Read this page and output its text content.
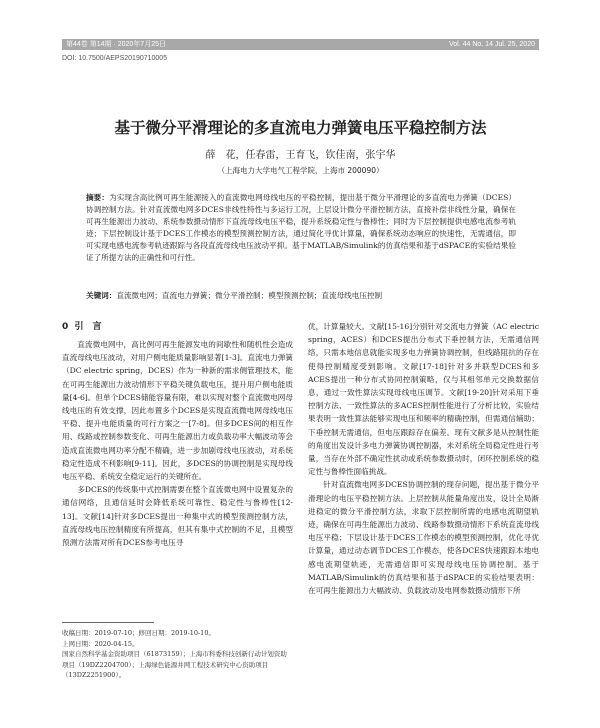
第44卷 第14期 · 2020年7月25日	Vol. 44 No. 14 Jul. 25, 2020
DOI: 10.7500/AEPS20190710005
基于微分平滑理论的多直流电力弹簧电压平稳控制方法
薛　花，任春雷，王育飞，钦佳南，张宇华
（上海电力大学电气工程学院，上海市 200090）
摘要：为实现含高比例可再生能源接入的直流微电网母线电压的平稳控制，提出基于微分平滑理论的多直流电力弹簧（DCES）协调控制方法。针对直流微电网多DCES非线性特性与多运行工况，上层设计微分平滑控制方法，直接补偿非线性分量，确保在可再生能源出力波动、系统参数摄动情形下直流母线电压平稳，提升系统稳定性与鲁棒性；同时为下层控制提供电感电流参考轨迹；下层控制设计基于DCES工作模态的模型预测控制方法，通过简化寻优计算量，确保系统动态响应的快速性，无需通信，即可实现电感电流参考轨迹跟踪与各段直流母线电压波动平抑。基于MATLAB/Simulink的仿真结果和基于dSPACE的实验结果验证了所提方法的正确性和可行性。
关键词：直流微电网；直流电力弹簧；微分平滑控制；模型预测控制；直流母线电压控制
0 引　言

直流微电网中，高比例可再生能源发电的间歇性和随机性会造成直流母线电压波动，对用户侧电能质量影响显著[1-3]。直流电力弹簧（DC electric spring，DCES）作为一种新的需求侧管理技术，能在可再生能源出力波动情形下平稳关键负载电压，提升用户侧电能质量[4-6]。但单个DCES储能容量有限，难以实现对整个直流微电网母线电压的有效支撑，因此布置多个DCES是实现直流微电网母线电压平稳、提升电能质量的可行方案之一[7-8]。但多DCES间的相互作用、线路或控制参数变化、可再生能源出力或负载功率大幅波动等会造成直流微电网功率分配不精确，进一步加剧母线电压波动，对系统稳定性造成不利影响[9-11]。因此，多DCES的协调控制是实现母线电压平稳、系统安全稳定运行的关键所在。

多DCES的传统集中式控制需要在整个直流微电网中设置复杂的通信网络，且通信延时会降低系统可靠性、稳定性与鲁棒性[12-13]。文献[14]针对多DCES提出一种集中式的模型预测控制方法，直流母线电压控制精度有所提高，但其有集中式控制的不足，且模型预测方法需对所有DCES参考电压寻

优，计算量较大。文献[15-16]分别针对交流电力弹簧（AC electric spring，ACES）和DCES提出分布式下垂控制方法，无需通信网络，只需本地信息就能实现多电力弹簧协调控制，但线路阻抗的存在使得控制精度受到影响。文献[17-18]针对多并联型DCES和多ACES提出一种分布式协同控制策略，仅与其相邻单元交换数据信息，通过一致性算法实现母线电压调节。文献[19-20]针对采用下垂控制方法、一致性算法的多ACES控制性能进行了分析比较，实验结果表明一致性算法能够实现电压和频率的精确控制，但需通信辅助；下垂控制无需通信，但电压跟踪存在偏差。现有文献多是从控制性能的角度出发设计多电力弹簧协调控制器，未对系统全局稳定性进行考量，当存在外部不确定性扰动或系统参数摄动时，闭环控制系统的稳定性与鲁棒性面临挑战。

针对直流微电网多DCES协调控制的现存问题，提出基于微分平滑理论的电压平稳控制方法。上层控制从能量角度出发，设计全局渐进稳定的微分平滑控制方法，求取下层控制所需的电感电流期望轨迹，确保在可再生能源出力波动、线路参数摄动情形下系统直流母线电压平稳；下层设计基于DCES工作模态的模型预测控制，优化寻优计算量，通过动态调节DCES工作模态，使各DCES快速跟踪本地电感电流期望轨迹，无需通信即可实现母线电压协调控制。基于MATLAB/Simulink的仿真结果和基于dSPACE的实验结果表明：在可再生能源出力大幅波动、负载波动及电网参数摄动情形下所

收稿日期：2019-07-10；修回日期：2019-10-10。
上网日期：2020-04-15。
国家自然科学基金资助项目（61873159）；上海市科委科技创新行动计划资助项目（19DZ2204700）；上海绿色能源并网工程技术研究中心资助项目（13DZ2251900）。
